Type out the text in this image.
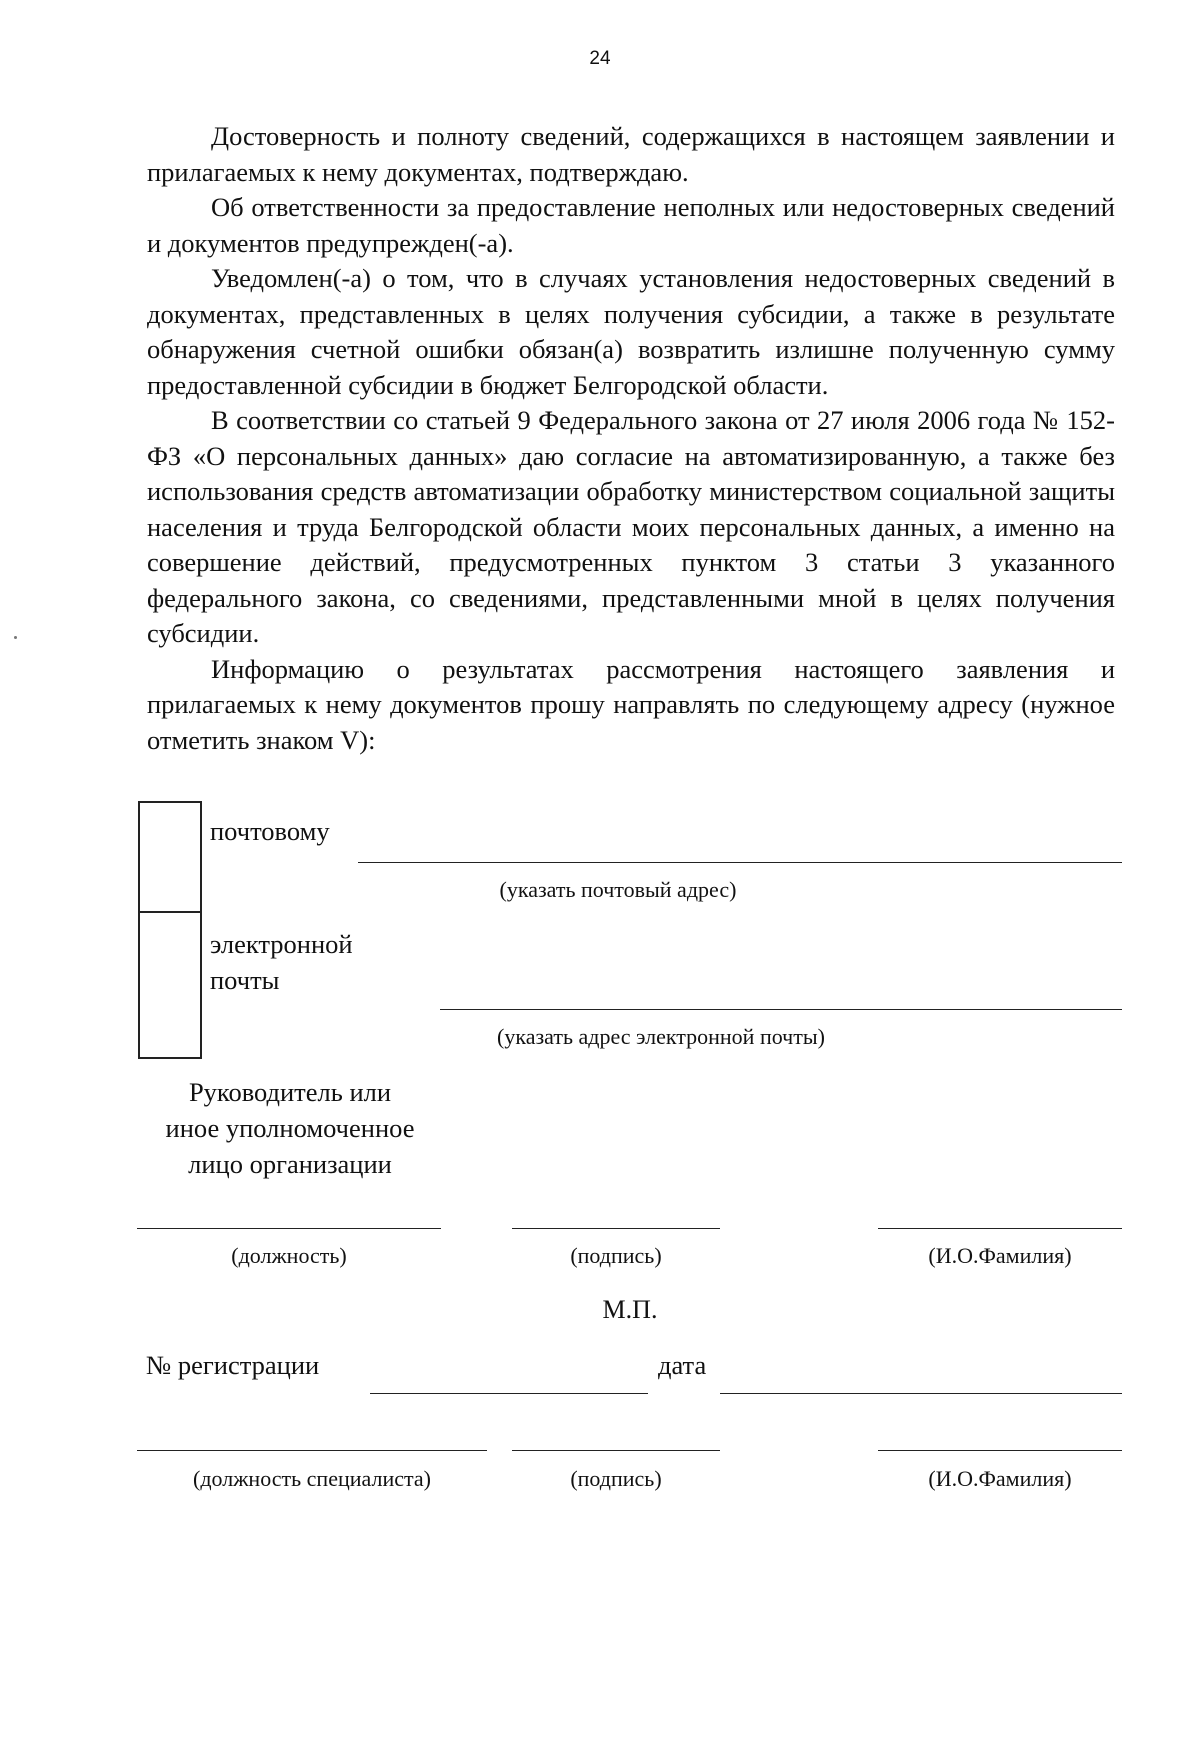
24

Достоверность и полноту сведений, содержащихся в настоящем заявлении и прилагаемых к нему документах, подтверждаю.

Об ответственности за предоставление неполных или недостоверных сведений и документов предупрежден(-а).

Уведомлен(-а) о том, что в случаях установления недостоверных сведений в документах, представленных в целях получения субсидии, а также в результате обнаружения счетной ошибки обязан(а) возвратить излишне полученную сумму предоставленной субсидии в бюджет Белгородской области.

В соответствии со статьей 9 Федерального закона от 27 июля 2006 года № 152-ФЗ «О персональных данных» даю согласие на автоматизированную, а также без использования средств автоматизации обработку министерством социальной защиты населения и труда Белгородской области моих персональных данных, а именно на совершение действий, предусмотренных пунктом 3 статьи 3 указанного федерального закона, со сведениями, представленными мной в целях получения субсидии.

Информацию о результатах рассмотрения настоящего заявления и прилагаемых к нему документов прошу направлять по следующему адресу (нужное отметить знаком V):

почтовому
(указать почтовый адрес)
электронной
почты
(указать адрес электронной почты)
Руководитель или
иное уполномоченное
лицо организации
(должность)	(подпись)	(И.О.Фамилия)
М.П.
№ регистрации	дата
(должность специалиста)	(подпись)	(И.О.Фамилия)
